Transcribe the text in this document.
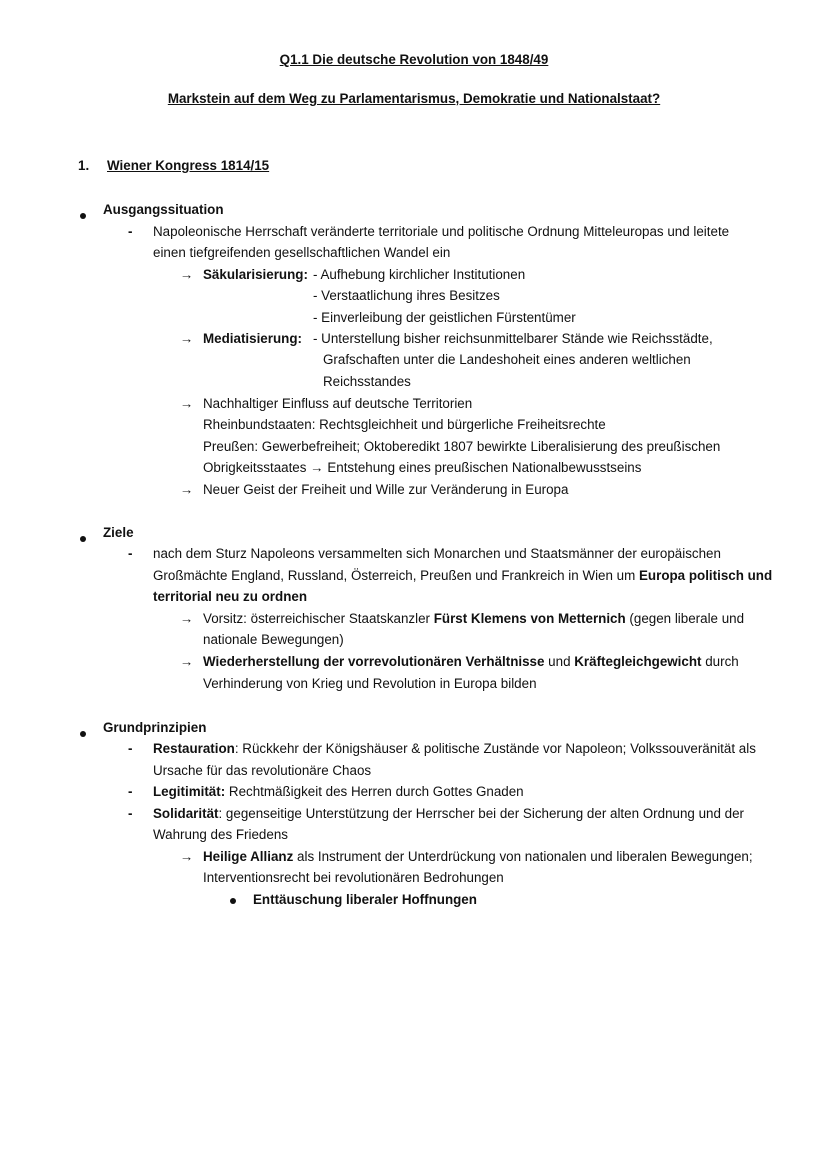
Q1.1 Die deutsche Revolution von 1848/49
Markstein auf dem Weg zu Parlamentarismus, Demokratie und Nationalstaat?
1. Wiener Kongress 1814/15
Ausgangssituation
- Napoleonische Herrschaft veränderte territoriale und politische Ordnung Mitteleuropas und leitete
einen tiefgreifenden gesellschaftlichen Wandel ein
→ Säkularisierung: - Aufhebung kirchlicher Institutionen
- Verstaatlichung ihres Besitzes
- Einverleibung der geistlichen Fürstentümer
→ Mediatisierung: - Unterstellung bisher reichsunmittelbarer Stände wie Reichsstädte,
Grafschaften unter die Landeshoheit eines anderen weltlichen
Reichsstandes
→ Nachhaltiger Einfluss auf deutsche Territorien
Rheinbundstaaten: Rechtsgleichheit und bürgerliche Freiheitsrechte
Preußen: Gewerbefreiheit; Oktoberedikt 1807 bewirkte Liberalisierung des preußischen
Obrigkeitsstaates → Entstehung eines preußischen Nationalbewusstseins
→ Neuer Geist der Freiheit und Wille zur Veränderung in Europa
Ziele
- nach dem Sturz Napoleons versammelten sich Monarchen und Staatsmänner der europäischen
Großmächte England, Russland, Österreich, Preußen und Frankreich in Wien um Europa politisch und
territorial neu zu ordnen
→ Vorsitz: österreichischer Staatskanzler Fürst Klemens von Metternich (gegen liberale und
nationale Bewegungen)
→ Wiederherstellung der vorrevolutionären Verhältnisse und Kräftegleichgewicht durch
Verhinderung von Krieg und Revolution in Europa bilden
Grundprinzipien
- Restauration: Rückkehr der Königshäuser & politische Zustände vor Napoleon; Volkssouveränität als
Ursache für das revolutionäre Chaos
- Legitimität: Rechtmäßigkeit des Herren durch Gottes Gnaden
- Solidarität: gegenseitige Unterstützung der Herrscher bei der Sicherung der alten Ordnung und der
Wahrung des Friedens
→ Heilige Allianz als Instrument der Unterdrückung von nationalen und liberalen Bewegungen;
Interventionsrecht bei revolutionären Bedrohungen
Enttäuschung liberaler Hoffnungen
